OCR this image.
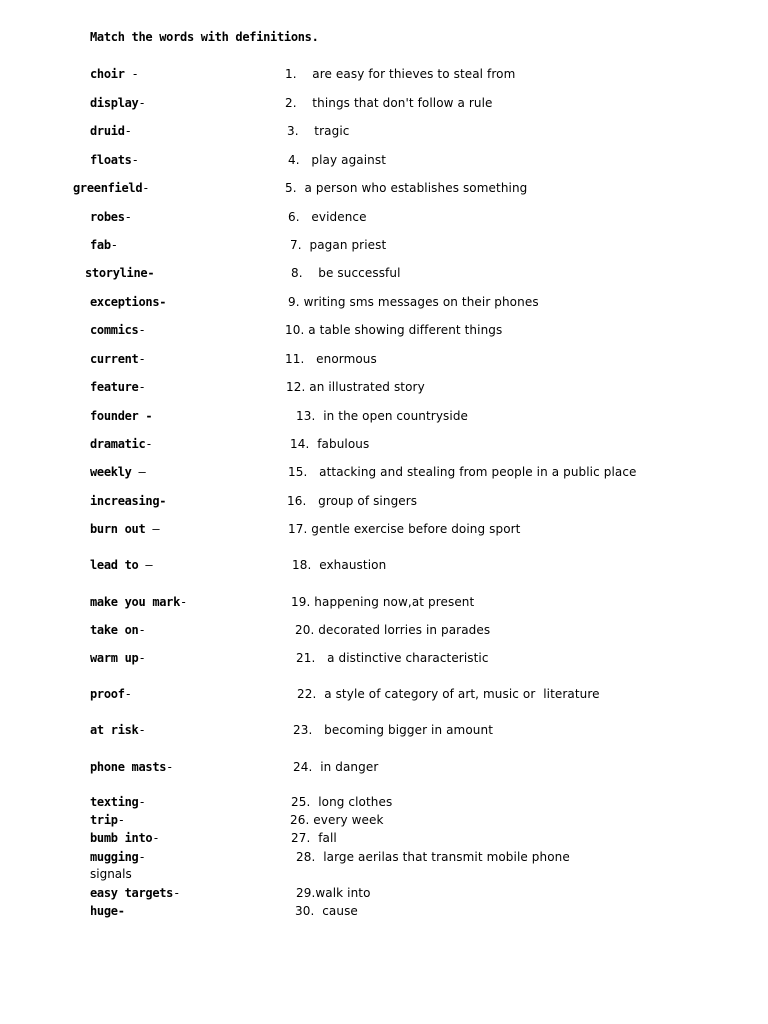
Match the words with definitions.
choir -
display-
druid-
floats-
greenfield-
robes-
fab-
storyline-
exceptions-
commics-
current-
feature-
founder -
dramatic-
weekly –
increasing-
burn out –
lead to –
make you mark-
take on-
warm up-
proof-
at risk-
phone masts-
texting-
trip-
bumb into-
mugging-
easy targets-
huge-
1.    are easy for thieves to steal from
2.    things that don't follow a rule
3.    tragic
4.   play against
5.  a person who establishes something
6.   evidence
7.  pagan priest
8.    be successful
9. writing sms messages on their phones
10. a table showing different things
11.   enormous
12. an illustrated story
13.  in the open countryside
14.  fabulous
15.   attacking and stealing from people in a public place
16.   group of singers
17. gentle exercise before doing sport
18.  exhaustion
19. happening now,at present
20. decorated lorries in parades
21.   a distinctive characteristic
22.  a style of category of art, music or  literature
23.   becoming bigger in amount
24.  in danger
25.  long clothes
26. every week
27.  fall
28.  large aerilas that transmit mobile phone
29.walk into
30.  cause
signals
